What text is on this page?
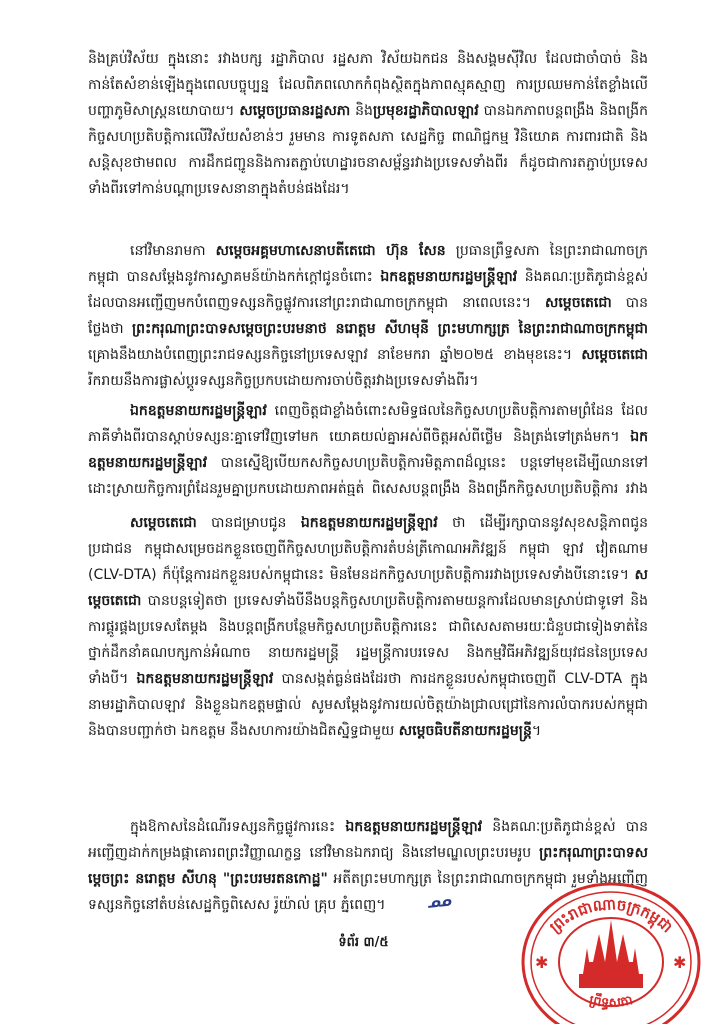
និងគ្រប់វិស័យ ក្នុងនោះ រវាងបក្ស រដ្ឋាភិបាល រដ្ឋសភា វិស័យឯកជន និងសង្គមស៊ីវិល ដែលជាចាំបាច់ និងកាន់តែសំខាន់ឡើងក្នុងពេលបច្ចុប្បន្ន ដែលពិភពលោកកំពុងស្ថិតក្នុងភាពស្មុគស្មាញ ការប្រឈមកាន់តែខ្លាំងលើបញ្ហាភូមិសាស្ត្រនយោបាយ។ សម្តេចប្រធានរដ្ឋសភា និងប្រមុខរដ្ឋាភិបាលឡាវ បានឯកភាពបន្តពង្រឹង និងពង្រីកកិច្ចសហប្រតិបត្តិការលើវិស័យសំខាន់ៗ រួមមាន ការទូតសភា សេដ្ឋកិច្ច ពាណិជ្ជកម្ម វិនិយោគ ការពារជាតិ និងសន្តិសុខថាមពល ការដឹកជញ្ជូននិងការតភ្ជាប់ហេដ្ឋារចនាសម្ព័ន្ធរវាងប្រទេសទាំងពីរ ក៏ដូចជាការតភ្ជាប់ប្រទេសទាំងពីរទៅកាន់បណ្តាប្រទេសនានាក្នុងតំបន់ផងដែរ។

នៅវិមានរាមកា សម្តេចអគ្គមហាសេនាបតីតេជោ ហ៊ុន សែន ប្រធានព្រឹទ្ធសភា នៃព្រះរាជាណាចក្រកម្ពុជា បានសម្តែងនូវការស្វាគមន៍យ៉ាងកក់ក្តៅជូនចំពោះ ឯកឧត្តមនាយករដ្ឋមន្ត្រីឡាវ និងគណៈប្រតិភូជាន់ខ្ពស់ដែលបានអញ្ជើញមកបំពេញទស្សនកិច្ចផ្លូវការនៅព្រះរាជាណាចក្រកម្ពុជា នាពេលនេះ។ សម្តេចតេជោ បានថ្លែងថា ព្រះករុណាព្រះបាទសម្តេចព្រះបរមនាថ នរោត្តម សីហមុនី ព្រះមហាក្សត្រ នៃព្រះរាជាណាចក្រកម្ពុជា គ្រោងនឹងយាងបំពេញព្រះរាជទស្សនកិច្ចនៅប្រទេសឡាវ នាខែមករា ឆ្នាំ២០២៥ ខាងមុខនេះ។ សម្តេចតេជោ រីករាយនឹងការផ្លាស់ប្តូរទស្សនកិច្ចប្រកបដោយការចាប់ចិត្តរវាងប្រទេសទាំងពីរ។

ឯកឧត្តមនាយករដ្ឋមន្ត្រីឡាវ ពេញចិត្តជាខ្លាំងចំពោះសមិទ្ធផលនៃកិច្ចសហប្រតិបត្តិការតាមព្រំដែន ដែលភាគីទាំងពីរបានស្តាប់ទស្សនៈគ្នាទៅវិញទៅមក យោគយល់គ្នាអស់ពីចិត្តអស់ពីថ្លើម និងត្រង់ទៅត្រង់មក។ ឯកឧត្តមនាយករដ្ឋមន្ត្រីឡាវ បានស្នើឱ្យបើយកសកិច្ចសហប្រតិបត្តិការមិត្តភាពដ៏ល្អនេះ បន្តទៅមុខដើម្បីឈានទៅដោះស្រាយកិច្ចការព្រំដែនរួមគ្នាប្រកបដោយភាពអត់ធ្មត់ ពិសេសបន្តពង្រឹង និងពង្រីកកិច្ចសហប្រតិបត្តិការ រវាង

សម្តេចតេជោ បានជម្រាបជូន ឯកឧត្តមនាយករដ្ឋមន្ត្រីឡាវ ថា ដើម្បីរក្សាបាននូវសុខសន្តិភាពជូនប្រជាជន កម្ពុជាសម្រេចដកខ្លួនចេញពីកិច្ចសហប្រតិបត្តិការតំបន់ត្រីកោណអភិវឌ្ឍន៍ កម្ពុជា ឡាវ វៀតណាម (CLV-DTA) ក៏ប៉ុន្តែការដកខ្លួនរបស់កម្ពុជានេះ មិនមែនដកកិច្ចសហប្រតិបត្តិការរវាងប្រទេសទាំងបីនោះទេ។ សម្តេចតេជោ បានបន្តទៀតថា ប្រទេសទាំងបីនឹងបន្តកិច្ចសហប្រតិបត្តិការតាមយន្តការដែលមានស្រាប់ជាទូទៅ និងការផ្គូរផ្គងប្រទេសតែម្តង និងបន្តពង្រីកបន្ថែមកិច្ចសហប្រតិបត្តិការនេះ ជាពិសេសតាមរយៈជំនួបជាទៀងទាត់នៃថ្នាក់ដឹកនាំគណបក្សកាន់អំណាច នាយករដ្ឋមន្ត្រី រដ្ឋមន្ត្រីការបរទេស និងកម្មវិធីអភិវឌ្ឍន៍យុវជននៃប្រទេសទាំងបី។ ឯកឧត្តមនាយករដ្ឋមន្ត្រីឡាវ បានសង្កត់ធ្ងន់ផងដែរថា ការដកខ្លួនរបស់កម្ពុជាចេញពី CLV-DTA ក្នុងនាមរដ្ឋាភិបាលឡាវ និងខ្លួនឯកឧត្តមផ្ទាល់ សូមសម្តែងនូវការយល់ចិត្តយ៉ាងជ្រាលជ្រៅនៃការលំបាករបស់កម្ពុជា និងបានបញ្ជាក់ថា ឯកឧត្តម នឹងសហការយ៉ាងជិតស្និទ្ធជាមួយ សម្តេចធិបតីនាយករដ្ឋមន្ត្រី។

ក្នុងឱកាសនៃដំណើរទស្សនកិច្ចផ្លូវការនេះ ឯកឧត្តមនាយករដ្ឋមន្ត្រីឡាវ និងគណៈប្រតិភូជាន់ខ្ពស់ បានអញ្ជើញដាក់កម្រងផ្កាគោរពព្រះវិញ្ញាណក្ខន្ធ នៅវិមានឯករាជ្យ និងនៅមណ្ឌលព្រះបរមរូប ព្រះករុណាព្រះបាទសម្តេចព្រះ នរោត្តម សីហនុ "ព្រះបរមរតនកោដ្ឋ" អតីតព្រះមហាក្សត្រ នៃព្រះរាជាណាចក្រកម្ពុជា រួមទាំងអញ្ជើញទស្សនកិច្ចនៅតំបន់សេដ្ឋកិច្ចពិសេស រ៉ូយ៉ាល់ គ្រុប ភ្នំពេញ។	ᓄᓄ

ទំព័រ ៣/៥
✱	✱
ព្រះរាជាណាចក្រកម្ពុជា
ព្រឹទ្ធសភា
